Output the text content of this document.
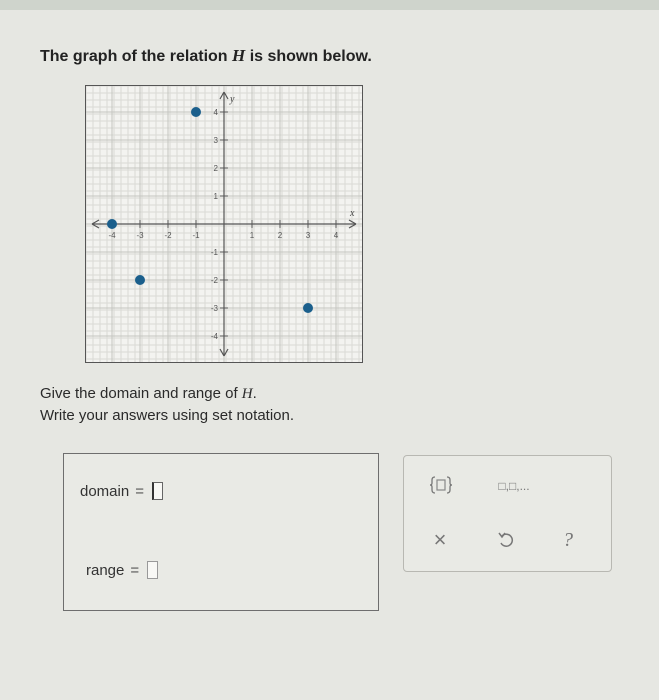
The graph of the relation H is shown below.
x
y
-4	-3	-2	-1	1	2	3	4
4
3
2
1
-1
-2
-3
-4
Give the domain and range of H.
Write your answers using set notation.
domain =
range =
□,□,...
×	?
